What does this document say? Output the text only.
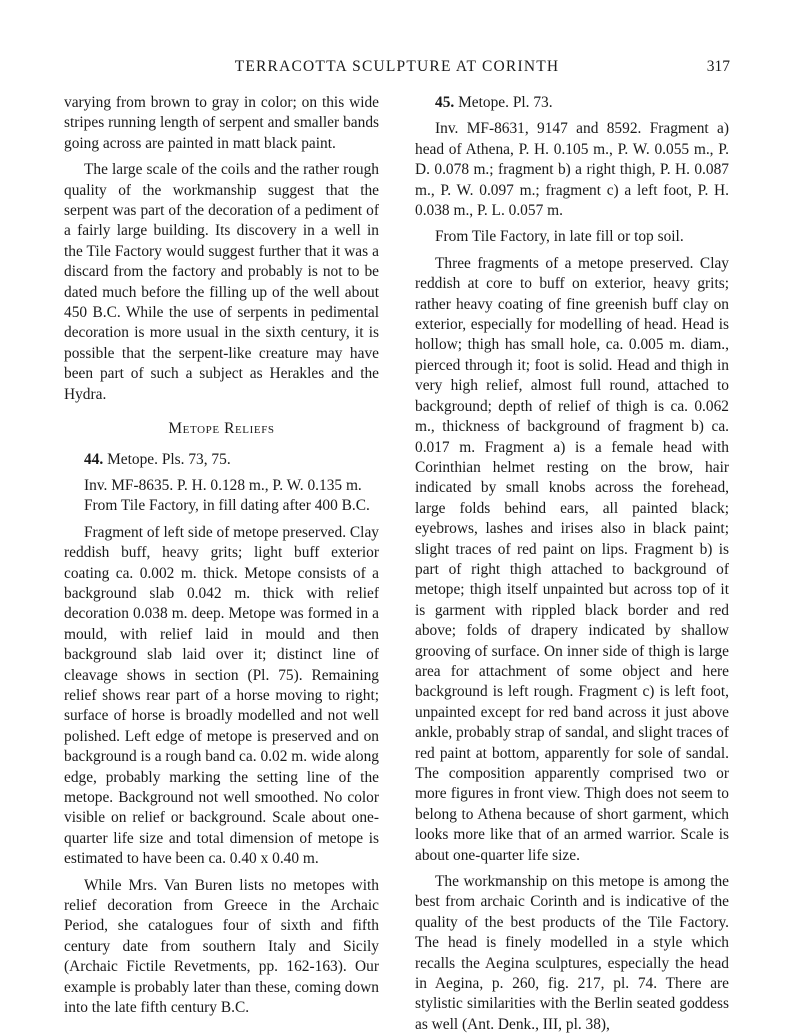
TERRACOTTA SCULPTURE AT CORINTH	317

varying from brown to gray in color; on this wide stripes running length of serpent and smaller bands going across are painted in matt black paint.

The large scale of the coils and the rather rough quality of the workmanship suggest that the serpent was part of the decoration of a pediment of a fairly large building. Its discovery in a well in the Tile Factory would suggest further that it was a discard from the factory and probably is not to be dated much before the filling up of the well about 450 B.C. While the use of serpents in pedimental decoration is more usual in the sixth century, it is possible that the serpent-like creature may have been part of such a subject as Herakles and the Hydra.

Metope Reliefs

44. Metope. Pls. 73, 75.

Inv. MF-8635. P. H. 0.128 m., P. W. 0.135 m.

From Tile Factory, in fill dating after 400 B.C.

Fragment of left side of metope preserved. Clay reddish buff, heavy grits; light buff exterior coating ca. 0.002 m. thick. Metope consists of a background slab 0.042 m. thick with relief decoration 0.038 m. deep. Metope was formed in a mould, with relief laid in mould and then background slab laid over it; distinct line of cleavage shows in section (Pl. 75). Remaining relief shows rear part of a horse moving to right; surface of horse is broadly modelled and not well polished. Left edge of metope is preserved and on background is a rough band ca. 0.02 m. wide along edge, probably marking the setting line of the metope. Background not well smoothed. No color visible on relief or background. Scale about one-quarter life size and total dimension of metope is estimated to have been ca. 0.40 x 0.40 m.

While Mrs. Van Buren lists no metopes with relief decoration from Greece in the Archaic Period, she catalogues four of sixth and fifth century date from southern Italy and Sicily (Archaic Fictile Revetments, pp. 162-163). Our example is probably later than these, coming down into the late fifth century B.C.

45. Metope. Pl. 73.

Inv. MF-8631, 9147 and 8592. Fragment a) head of Athena, P. H. 0.105 m., P. W. 0.055 m., P. D. 0.078 m.; fragment b) a right thigh, P. H. 0.087 m., P. W. 0.097 m.; fragment c) a left foot, P. H. 0.038 m., P. L. 0.057 m.

From Tile Factory, in late fill or top soil.

Three fragments of a metope preserved. Clay reddish at core to buff on exterior, heavy grits; rather heavy coating of fine greenish buff clay on exterior, especially for modelling of head. Head is hollow; thigh has small hole, ca. 0.005 m. diam., pierced through it; foot is solid. Head and thigh in very high relief, almost full round, attached to background; depth of relief of thigh is ca. 0.062 m., thickness of background of fragment b) ca. 0.017 m. Fragment a) is a female head with Corinthian helmet resting on the brow, hair indicated by small knobs across the forehead, large folds behind ears, all painted black; eyebrows, lashes and irises also in black paint; slight traces of red paint on lips. Fragment b) is part of right thigh attached to background of metope; thigh itself unpainted but across top of it is garment with rippled black border and red above; folds of drapery indicated by shallow grooving of surface. On inner side of thigh is large area for attachment of some object and here background is left rough. Fragment c) is left foot, unpainted except for red band across it just above ankle, probably strap of sandal, and slight traces of red paint at bottom, apparently for sole of sandal. The composition apparently comprised two or more figures in front view. Thigh does not seem to belong to Athena because of short garment, which looks more like that of an armed warrior. Scale is about one-quarter life size.

The workmanship on this metope is among the best from archaic Corinth and is indicative of the quality of the best products of the Tile Factory. The head is finely modelled in a style which recalls the Aegina sculptures, especially the head in Aegina, p. 260, fig. 217, pl. 74. There are stylistic similarities with the Berlin seated goddess as well (Ant. Denk., III, pl. 38),
